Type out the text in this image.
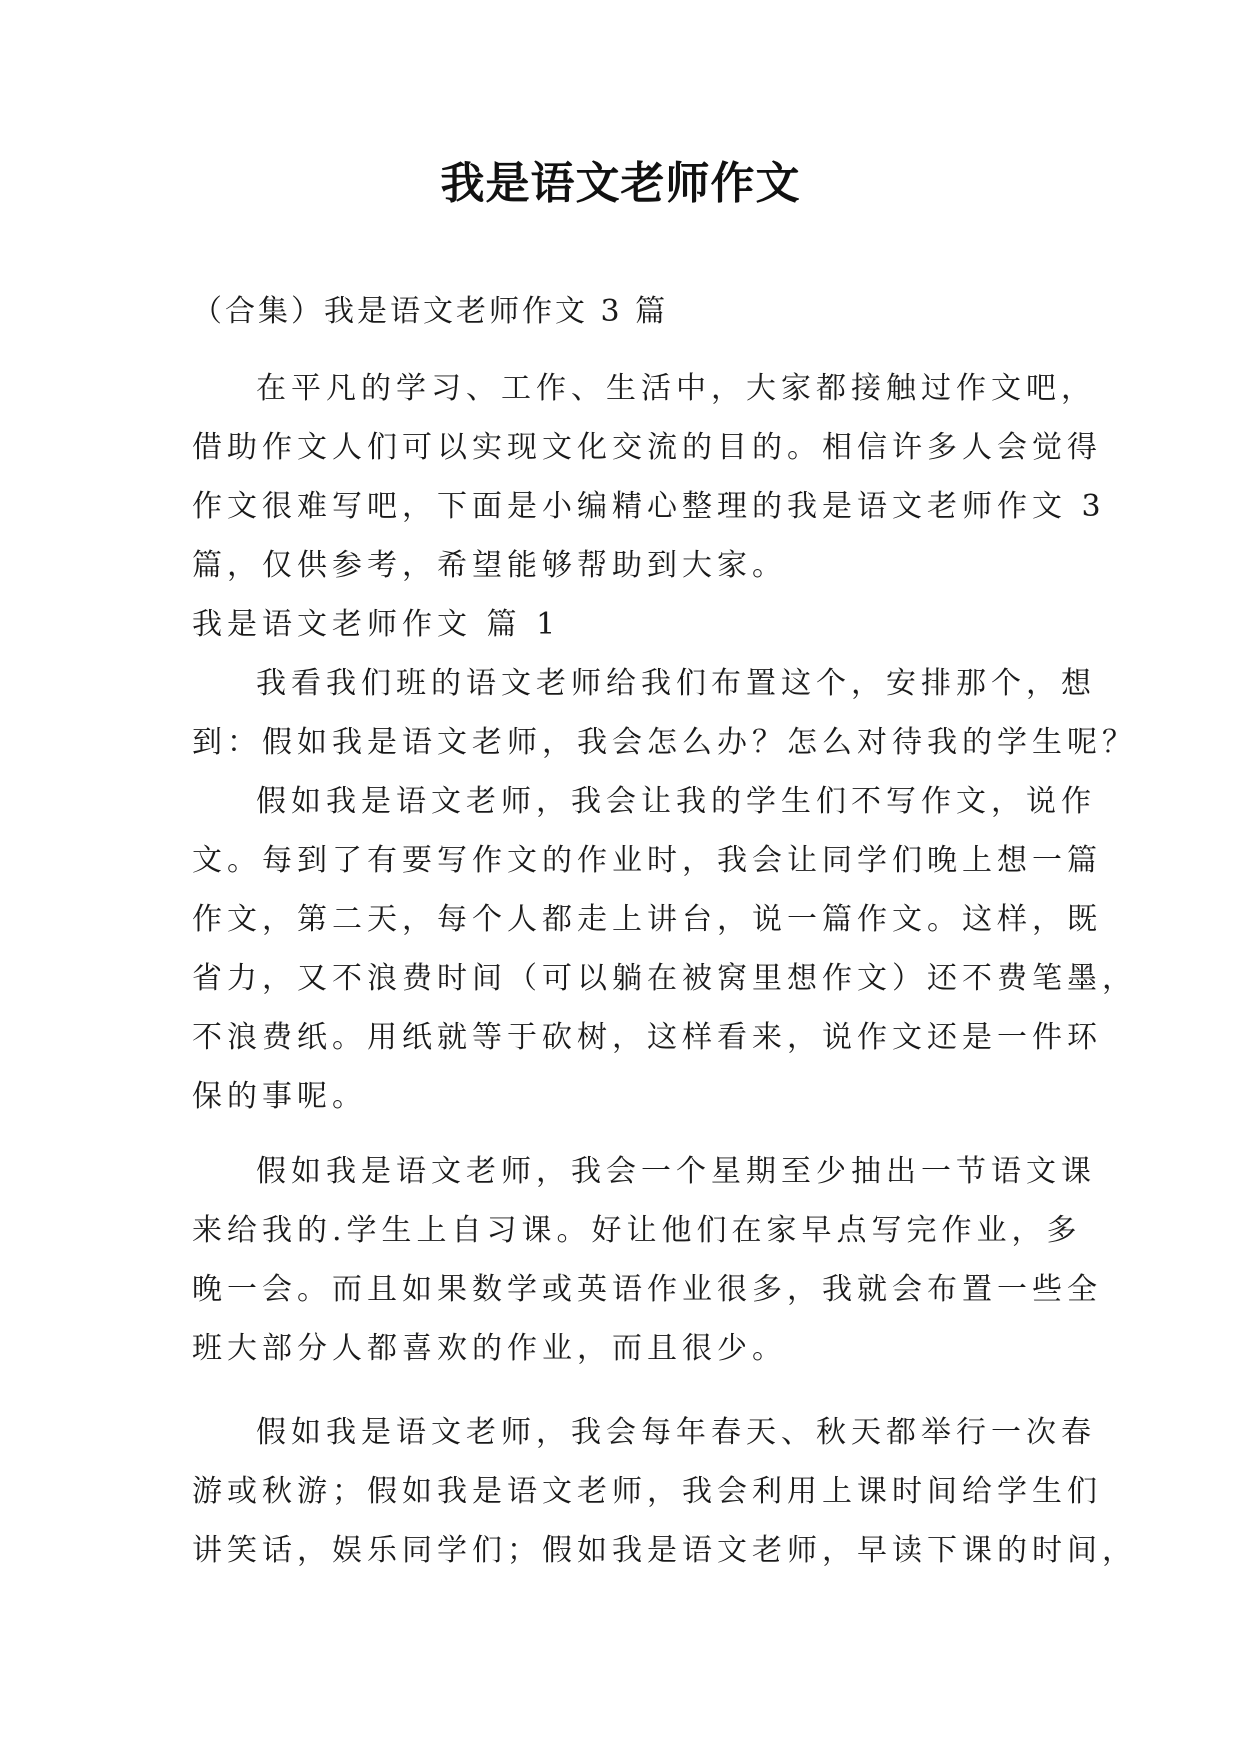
我是语文老师作文
（合集）我是语文老师作文 3 篇
在平凡的学习、工作、生活中，大家都接触过作文吧，
借助作文人们可以实现文化交流的目的。相信许多人会觉得
作文很难写吧，下面是小编精心整理的我是语文老师作文 3
篇，仅供参考，希望能够帮助到大家。
我是语文老师作文 篇 1
我看我们班的语文老师给我们布置这个，安排那个，想
到：假如我是语文老师，我会怎么办？怎么对待我的学生呢？
假如我是语文老师，我会让我的学生们不写作文，说作
文。每到了有要写作文的作业时，我会让同学们晚上想一篇
作文，第二天，每个人都走上讲台，说一篇作文。这样，既
省力，又不浪费时间（可以躺在被窝里想作文）还不费笔墨，
不浪费纸。用纸就等于砍树，这样看来，说作文还是一件环
保的事呢。
假如我是语文老师，我会一个星期至少抽出一节语文课
来给我的.学生上自习课。好让他们在家早点写完作业，多
晚一会。而且如果数学或英语作业很多，我就会布置一些全
班大部分人都喜欢的作业，而且很少。
假如我是语文老师，我会每年春天、秋天都举行一次春
游或秋游；假如我是语文老师，我会利用上课时间给学生们
讲笑话，娱乐同学们；假如我是语文老师，早读下课的时间，
